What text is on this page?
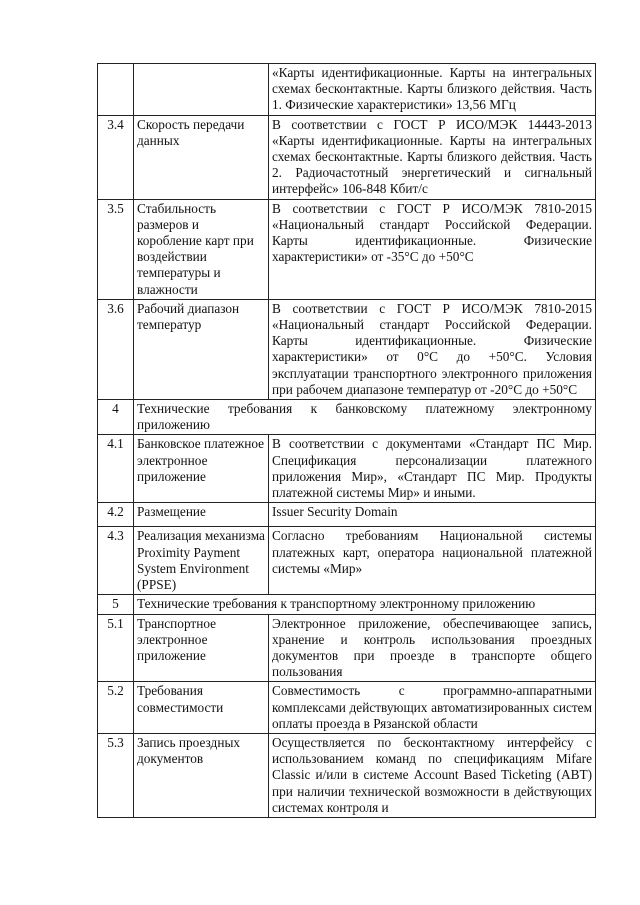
		«Карты идентификационные. Карты на интегральных схемах бесконтактные. Карты близкого действия. Часть 1. Физические характеристики» 13,56 МГц
3.4	Скорость передачи данных	В соответствии с ГОСТ Р ИСО/МЭК 14443-2013 «Карты идентификационные. Карты на интегральных схемах бесконтактные. Карты близкого действия. Часть 2. Радиочастотный энергетический и сигнальный интерфейс» 106-848 Кбит/с
3.5	Стабильность размеров и коробление карт при воздействии температуры и влажности	В соответствии с ГОСТ Р ИСО/МЭК 7810-2015 «Национальный стандарт Российской Федерации. Карты идентификационные. Физические характеристики» от -35°С до +50°С
3.6	Рабочий диапазон температур	В соответствии с ГОСТ Р ИСО/МЭК 7810-2015 «Национальный стандарт Российской Федерации. Карты идентификационные. Физические характеристики» от 0°С до +50°С. Условия эксплуатации транспортного электронного приложения при рабочем диапазоне температур от -20°С до +50°С
4	Технические требования к банковскому платежному электронному приложению	
4.1	Банковское платежное электронное приложение	В соответствии с документами «Стандарт ПС Мир. Спецификация персонализации платежного приложения Мир», «Стандарт ПС Мир. Продукты платежной системы Мир» и иными.
4.2	Размещение	Issuer Security Domain
4.3	Реализация механизма Proximity Payment System Environment (PPSE)	Согласно требованиям Национальной системы платежных карт, оператора национальной платежной системы «Мир»
5	Технические требования к транспортному электронному приложению	
5.1	Транспортное электронное приложение	Электронное приложение, обеспечивающее запись, хранение и контроль использования проездных документов при проезде в транспорте общего пользования
5.2	Требования совместимости	Совместимость с программно-аппаратными комплексами действующих автоматизированных систем оплаты проезда в Рязанской области
5.3	Запись проездных документов	Осуществляется по бесконтактному интерфейсу с использованием команд по спецификациям Mifare Classic и/или в системе Account Based Ticketing (ABT) при наличии технической возможности в действующих системах контроля и
